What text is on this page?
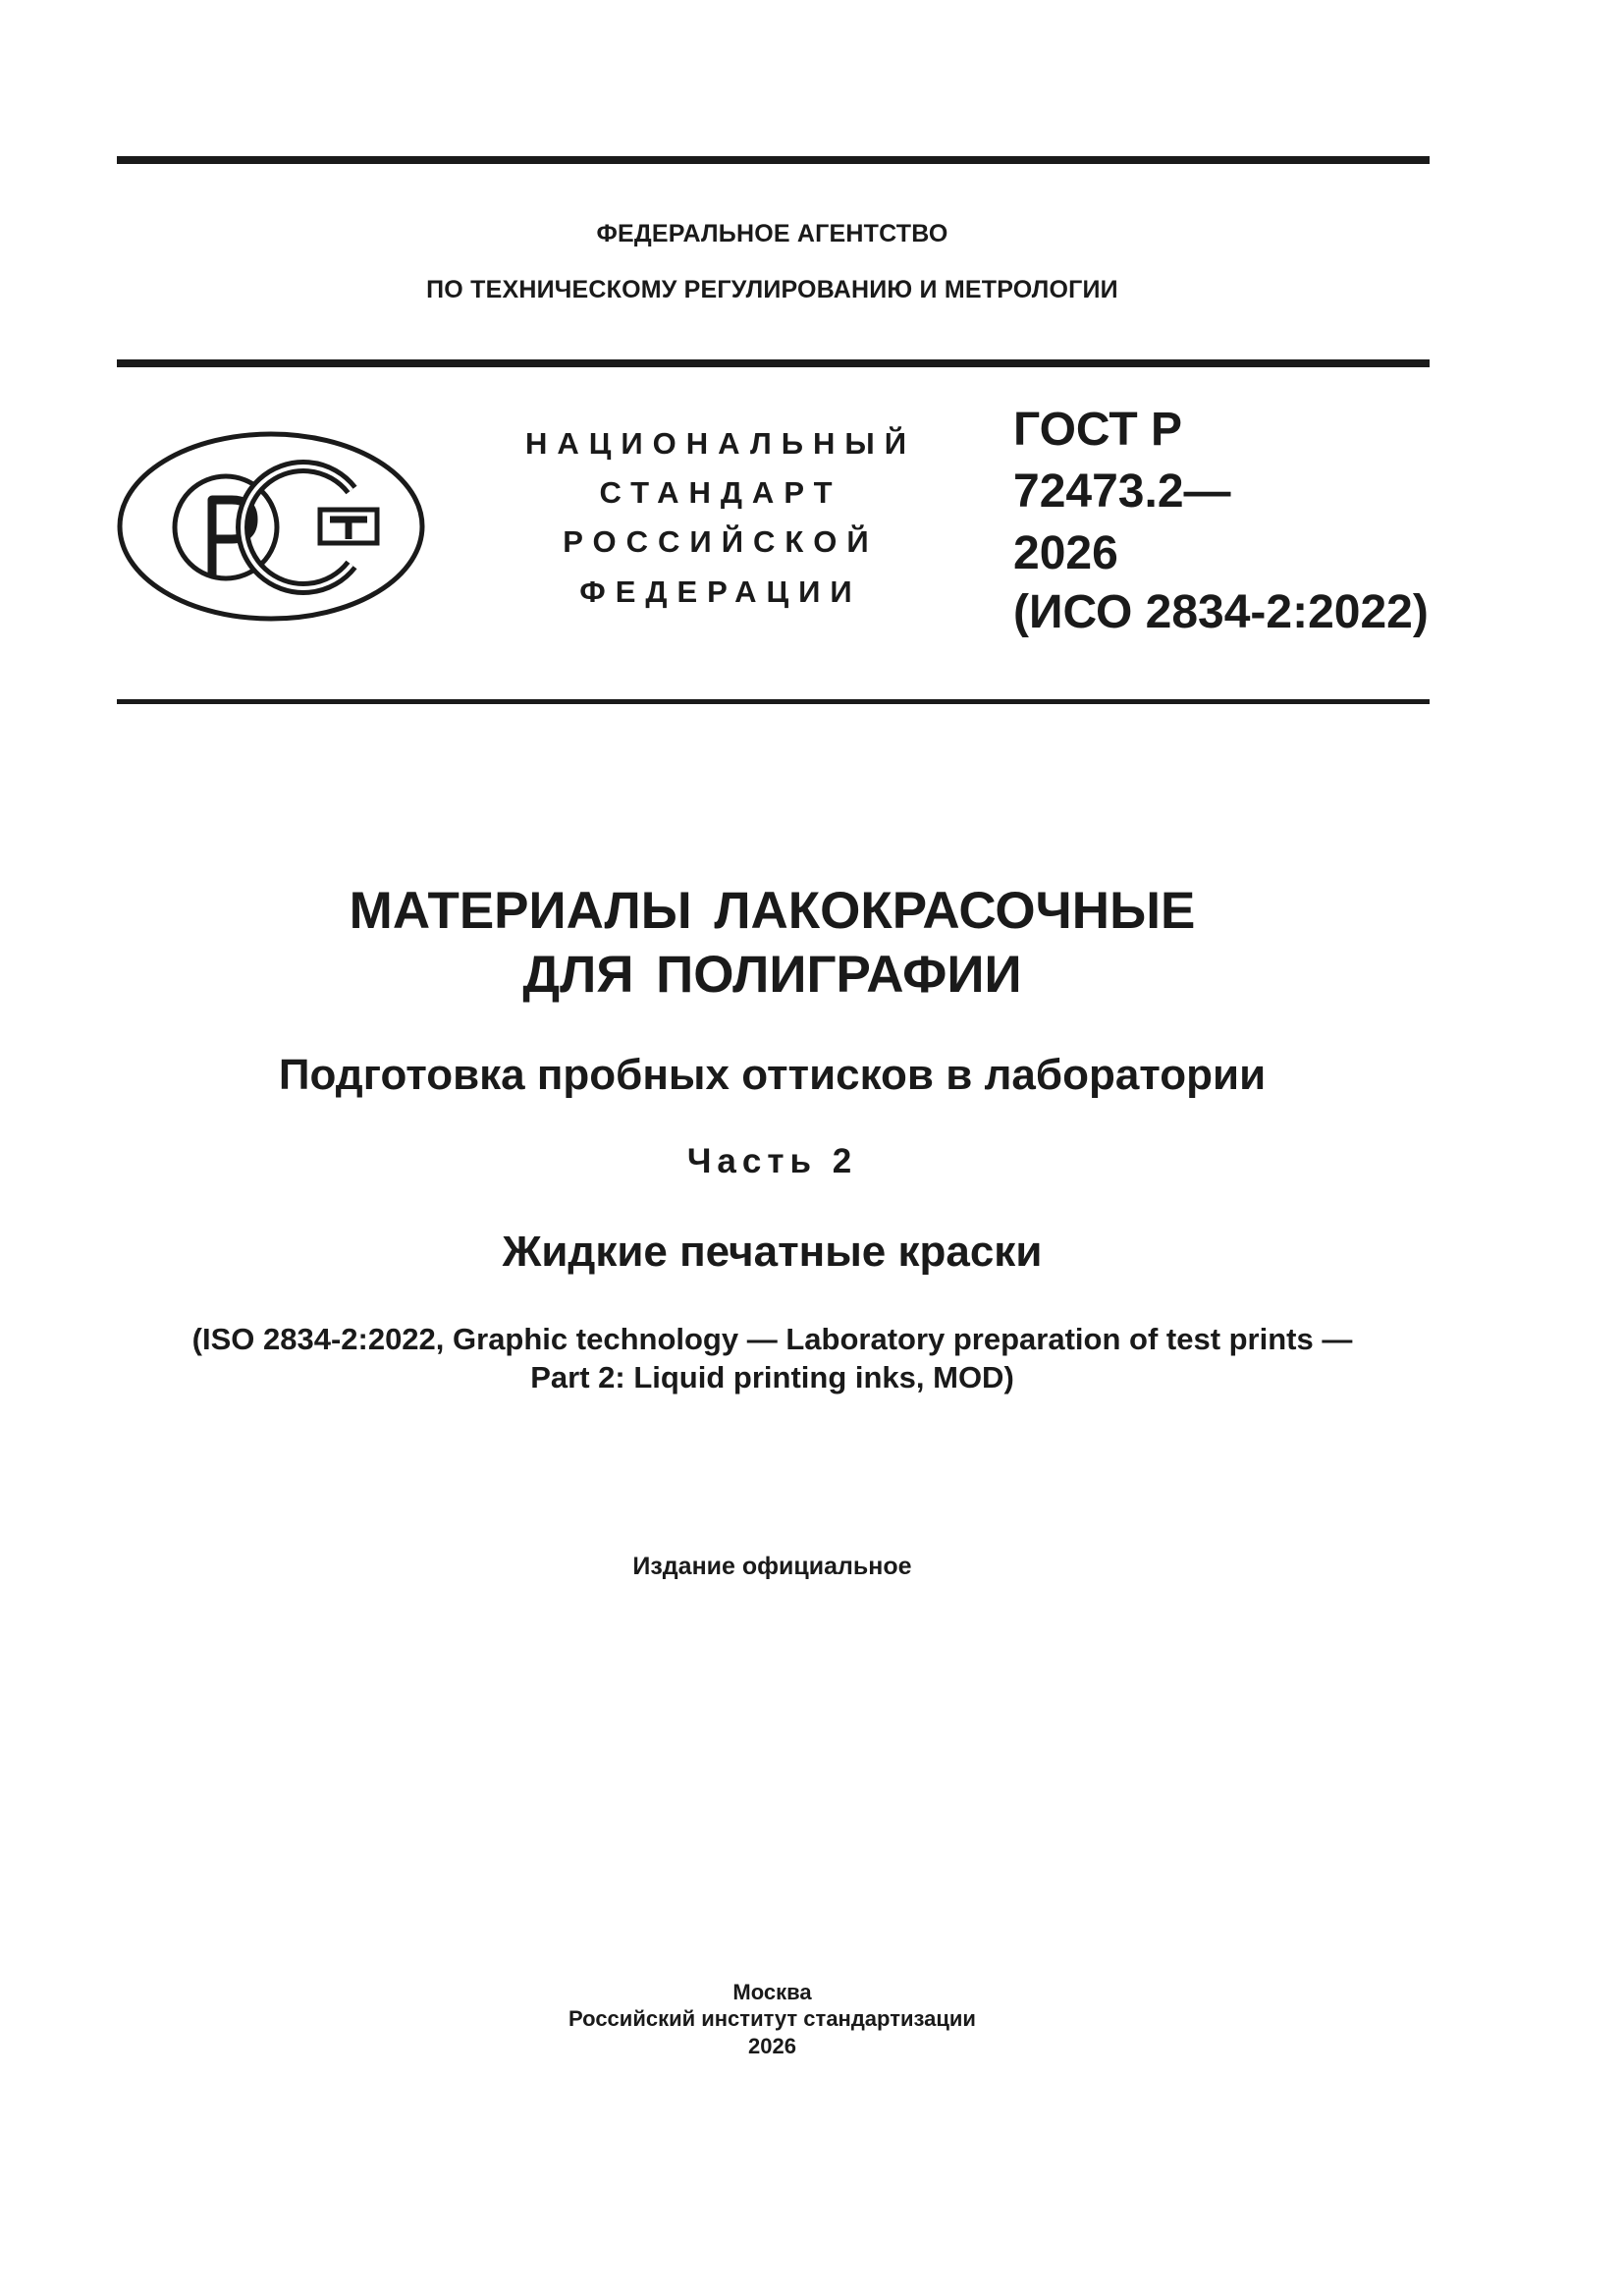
ФЕДЕРАЛЬНОЕ АГЕНТСТВО
ПО ТЕХНИЧЕСКОМУ РЕГУЛИРОВАНИЮ И МЕТРОЛОГИИ
НАЦИОНАЛЬНЫЙ
СТАНДАРТ
РОССИЙСКОЙ
ФЕДЕРАЦИИ
ГОСТ Р
72473.2—
2026
(ИСО 2834-2:2022)
МАТЕРИАЛЫ ЛАКОКРАСОЧНЫЕ
ДЛЯ ПОЛИГРАФИИ
Подготовка пробных оттисков в лаборатории
Часть 2
Жидкие печатные краски
(ISO 2834-2:2022, Graphic technology — Laboratory preparation of test prints —
Part 2: Liquid printing inks, MOD)
Издание официальное
Москва
Российский институт стандартизации
2026
